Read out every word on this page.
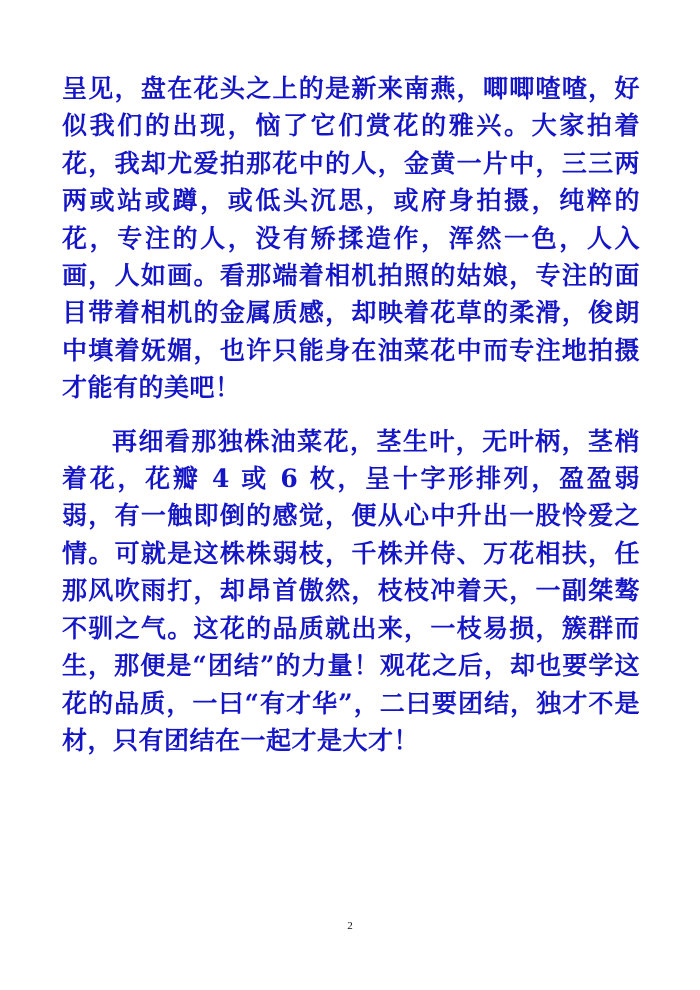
呈见，盘在花头之上的是新来南燕，唧唧喳喳，好似我们的出现，恼了它们赏花的雅兴。大家拍着花，我却尤爱拍那花中的人，金黄一片中，三三两两或站或蹲，或低头沉思，或府身拍摄，纯粹的花，专注的人，没有矫揉造作，浑然一色，人入画，人如画。看那端着相机拍照的姑娘，专注的面目带着相机的金属质感，却映着花草的柔滑，俊朗中填着妩媚，也许只能身在油菜花中而专注地拍摄才能有的美吧！

再细看那独株油菜花，茎生叶，无叶柄，茎梢着花，花瓣 4 或 6 枚，呈十字形排列，盈盈弱弱，有一触即倒的感觉，便从心中升出一股怜爱之情。可就是这株株弱枝，千株并侍、万花相扶，任那风吹雨打，却昂首傲然，枝枝冲着天，一副桀骜不驯之气。这花的品质就出来，一枝易损，簇群而生，那便是“团结”的力量！观花之后，却也要学这花的品质，一曰“有才华”，二曰要团结，独才不是材，只有团结在一起才是大才！

2
